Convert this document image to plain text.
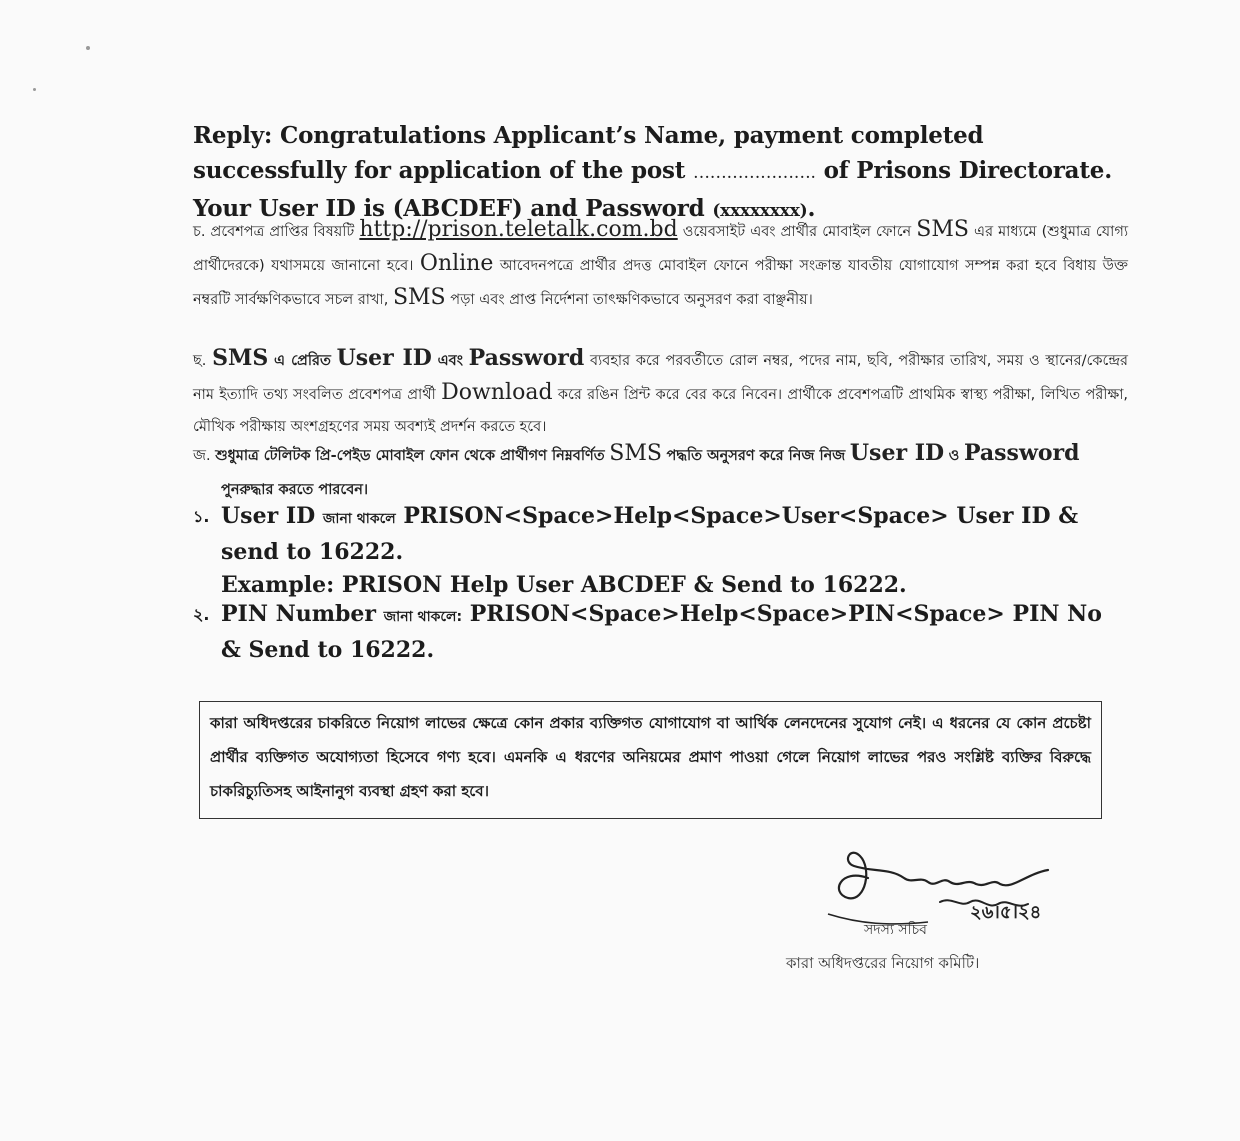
Reply: Congratulations Applicant’s Name, payment completed successfully for application of the post …………………. of Prisons Directorate. Your User ID is (ABCDEF) and Password (xxxxxxxx).
চ. প্রবেশপত্র প্রাপ্তির বিষয়টি http://prison.teletalk.com.bd ওয়েবসাইট এবং প্রার্থীর মোবাইল ফোনে SMS এর মাধ্যমে (শুধুমাত্র যোগ্য প্রার্থীদেরকে) যথাসময়ে জানানো হবে। Online আবেদনপত্রে প্রার্থীর প্রদত্ত মোবাইল ফোনে পরীক্ষা সংক্রান্ত যাবতীয় যোগাযোগ সম্পন্ন করা হবে বিধায় উক্ত নম্বরটি সার্বক্ষণিকভাবে সচল রাখা, SMS পড়া এবং প্রাপ্ত নির্দেশনা তাৎক্ষণিকভাবে অনুসরণ করা বাঞ্ছনীয়।
ছ. SMS এ প্রেরিত User ID এবং Password ব্যবহার করে পরবর্তীতে রোল নম্বর, পদের নাম, ছবি, পরীক্ষার তারিখ, সময় ও স্থানের/কেন্দ্রের নাম ইত্যাদি তথ্য সংবলিত প্রবেশপত্র প্রার্থী Download করে রঙিন প্রিন্ট করে বের করে নিবেন। প্রার্থীকে প্রবেশপত্রটি প্রাথমিক স্বাস্থ্য পরীক্ষা, লিখিত পরীক্ষা, মৌখিক পরীক্ষায় অংশগ্রহণের সময় অবশ্যই প্রদর্শন করতে হবে।
জ. শুধুমাত্র টেলিটক প্রি-পেইড মোবাইল ফোন থেকে প্রার্থীগণ নিম্নবর্ণিত SMS পদ্ধতি অনুসরণ করে নিজ নিজ User ID ও Password পুনরুদ্ধার করতে পারবেন।
১. User ID জানা থাকলে PRISON<Space>Help<Space>User<Space> User ID & send to 16222.
Example: PRISON Help User ABCDEF & Send to 16222.
২. PIN Number জানা থাকলে: PRISON<Space>Help<Space>PIN<Space> PIN No & Send to 16222.
কারা অধিদপ্তরের চাকরিতে নিয়োগ লাভের ক্ষেত্রে কোন প্রকার ব্যক্তিগত যোগাযোগ বা আর্থিক লেনদেনের সুযোগ নেই। এ ধরনের যে কোন প্রচেষ্টা প্রার্থীর ব্যক্তিগত অযোগ্যতা হিসেবে গণ্য হবে। এমনকি এ ধরণের অনিয়মের প্রমাণ পাওয়া গেলে নিয়োগ লাভের পরও সংশ্লিষ্ট ব্যক্তির বিরুদ্ধে চাকরিচ্যুতিসহ আইনানুগ ব্যবস্থা গ্রহণ করা হবে।
২৬।৫।২৪
সদস্য সচিব
কারা অধিদপ্তরের নিয়োগ কমিটি।
